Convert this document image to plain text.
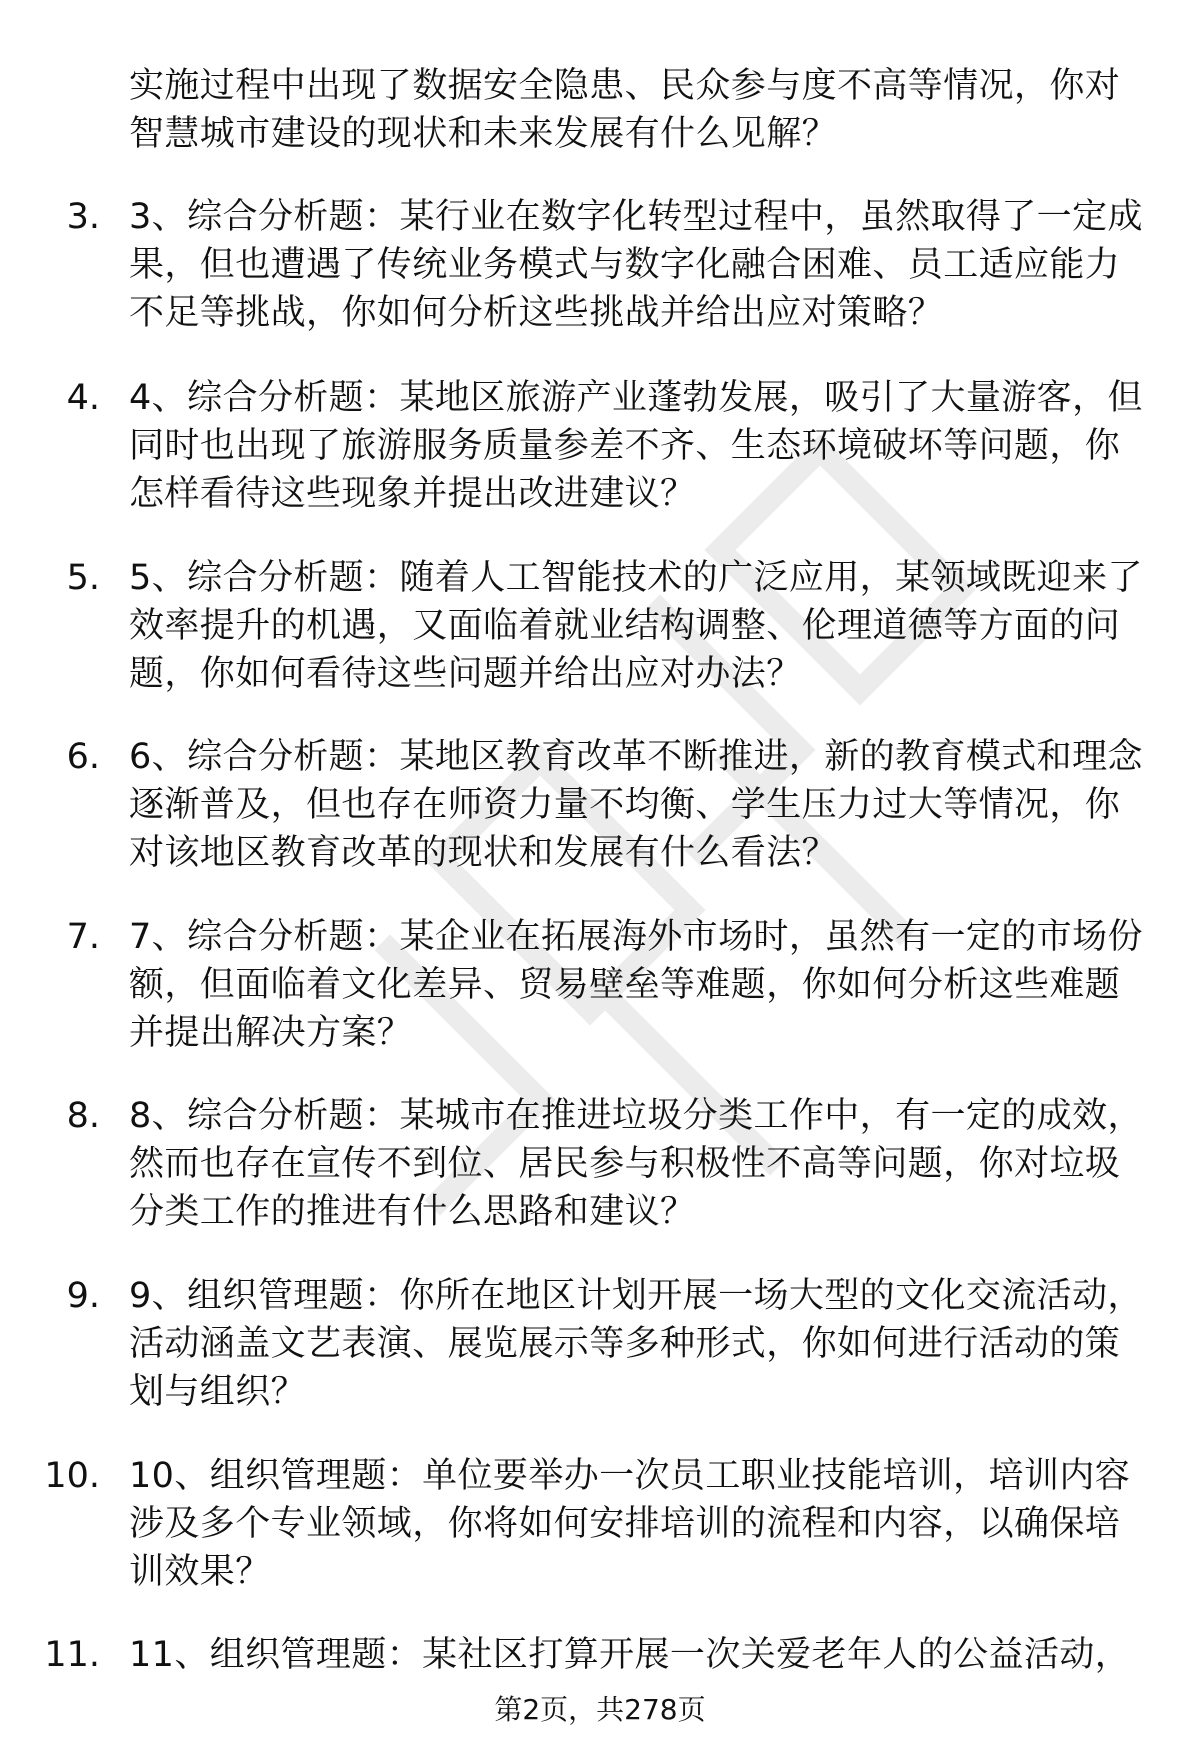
实施过程中出现了数据安全隐患、民众参与度不高等情况，你对
智慧城市建设的现状和未来发展有什么见解？
3. 3、综合分析题：某行业在数字化转型过程中，虽然取得了一定成
果，但也遭遇了传统业务模式与数字化融合困难、员工适应能力
不足等挑战，你如何分析这些挑战并给出应对策略？
4. 4、综合分析题：某地区旅游产业蓬勃发展，吸引了大量游客，但
同时也出现了旅游服务质量参差不齐、生态环境破坏等问题，你
怎样看待这些现象并提出改进建议？
5. 5、综合分析题：随着人工智能技术的广泛应用，某领域既迎来了
效率提升的机遇，又面临着就业结构调整、伦理道德等方面的问
题，你如何看待这些问题并给出应对办法？
6. 6、综合分析题：某地区教育改革不断推进，新的教育模式和理念
逐渐普及，但也存在师资力量不均衡、学生压力过大等情况，你
对该地区教育改革的现状和发展有什么看法？
7. 7、综合分析题：某企业在拓展海外市场时，虽然有一定的市场份
额，但面临着文化差异、贸易壁垒等难题，你如何分析这些难题
并提出解决方案？
8. 8、综合分析题：某城市在推进垃圾分类工作中，有一定的成效，
然而也存在宣传不到位、居民参与积极性不高等问题，你对垃圾
分类工作的推进有什么思路和建议？
9. 9、组织管理题：你所在地区计划开展一场大型的文化交流活动，
活动涵盖文艺表演、展览展示等多种形式，你如何进行活动的策
划与组织？
10. 10、组织管理题：单位要举办一次员工职业技能培训，培训内容
涉及多个专业领域，你将如何安排培训的流程和内容，以确保培
训效果？
11. 11、组织管理题：某社区打算开展一次关爱老年人的公益活动，
第2页，共278页
